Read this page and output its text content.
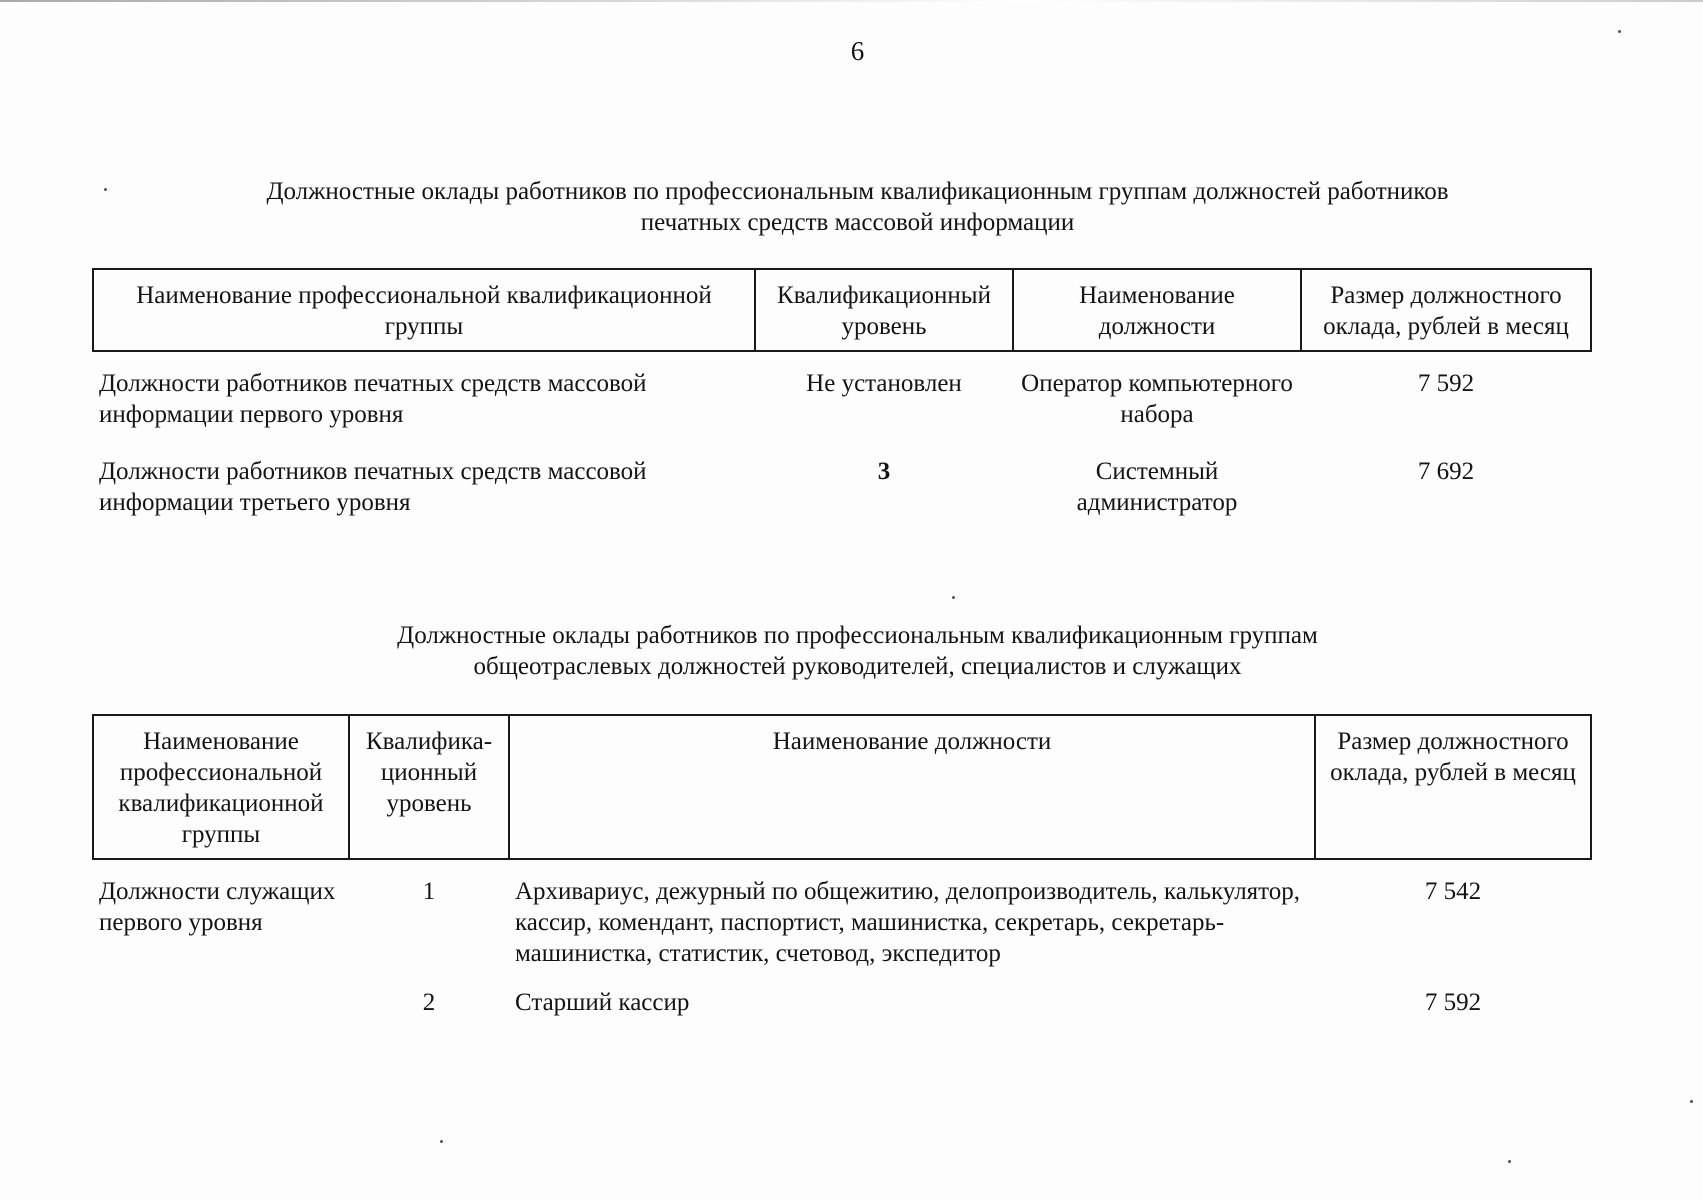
6
Должностные оклады работников по профессиональным квалификационным группам должностей работников
печатных средств массовой информации
Наименование профессиональной квалификационной группы	Квалификационный уровень	Наименование должности	Размер должностного оклада, рублей в месяц
Должности работников печатных средств массовой информации первого уровня	Не установлен	Оператор компьютерного набора	7 592
Должности работников печатных средств массовой информации третьего уровня	3	Системный администратор	7 692
Должностные оклады работников по профессиональным квалификационным группам
общеотраслевых должностей руководителей, специалистов и служащих
Наименование профессиональной квалификационной группы	Квалифика-ционный уровень	Наименование должности	Размер должностного оклада, рублей в месяц
Должности служащих первого уровня	1	Архивариус, дежурный по общежитию, делопроизводитель, калькулятор, кассир, комендант, паспортист, машинистка, секретарь, секретарь-машинистка, статистик, счетовод, экспедитор	7 542
	2	Старший кассир	7 592
